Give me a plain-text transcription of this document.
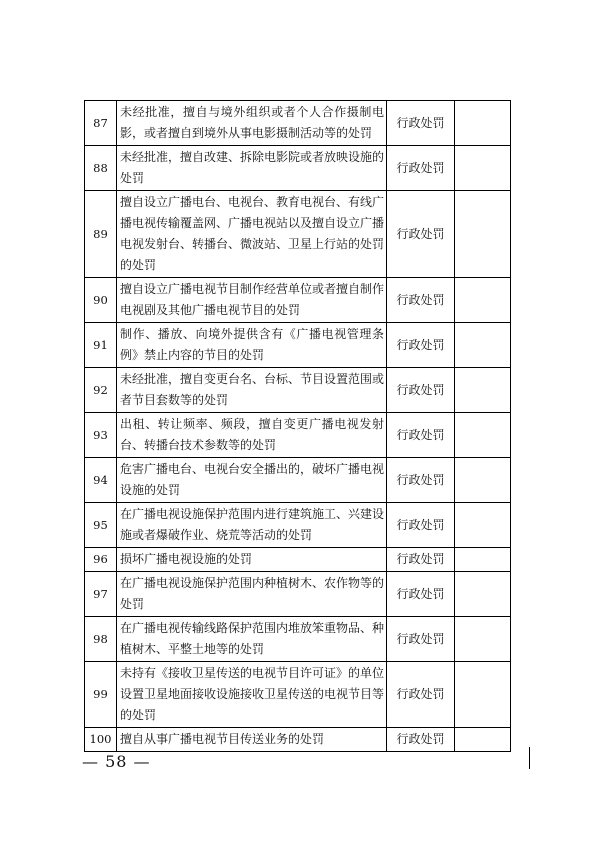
87	未经批准，擅自与境外组织或者个人合作摄制电影，或者擅自到境外从事电影摄制活动等的处罚	行政处罚	
88	未经批准，擅自改建、拆除电影院或者放映设施的处罚	行政处罚	
89	擅自设立广播电台、电视台、教育电视台、有线广播电视传输覆盖网、广播电视站以及擅自设立广播电视发射台、转播台、微波站、卫星上行站的处罚的处罚	行政处罚	
90	擅自设立广播电视节目制作经营单位或者擅自制作电视剧及其他广播电视节目的处罚	行政处罚	
91	制作、播放、向境外提供含有《广播电视管理条例》禁止内容的节目的处罚	行政处罚	
92	未经批准，擅自变更台名、台标、节目设置范围或者节目套数等的处罚	行政处罚	
93	出租、转让频率、频段，擅自变更广播电视发射台、转播台技术参数等的处罚	行政处罚	
94	危害广播电台、电视台安全播出的，破坏广播电视设施的处罚	行政处罚	
95	在广播电视设施保护范围内进行建筑施工、兴建设施或者爆破作业、烧荒等活动的处罚	行政处罚	
96	损坏广播电视设施的处罚	行政处罚	
97	在广播电视设施保护范围内种植树木、农作物等的处罚	行政处罚	
98	在广播电视传输线路保护范围内堆放笨重物品、种植树木、平整土地等的处罚	行政处罚	
99	未持有《接收卫星传送的电视节目许可证》的单位设置卫星地面接收设施接收卫星传送的电视节目等的处罚	行政处罚	
100	擅自从事广播电视节目传送业务的处罚	行政处罚	
— 58 —
